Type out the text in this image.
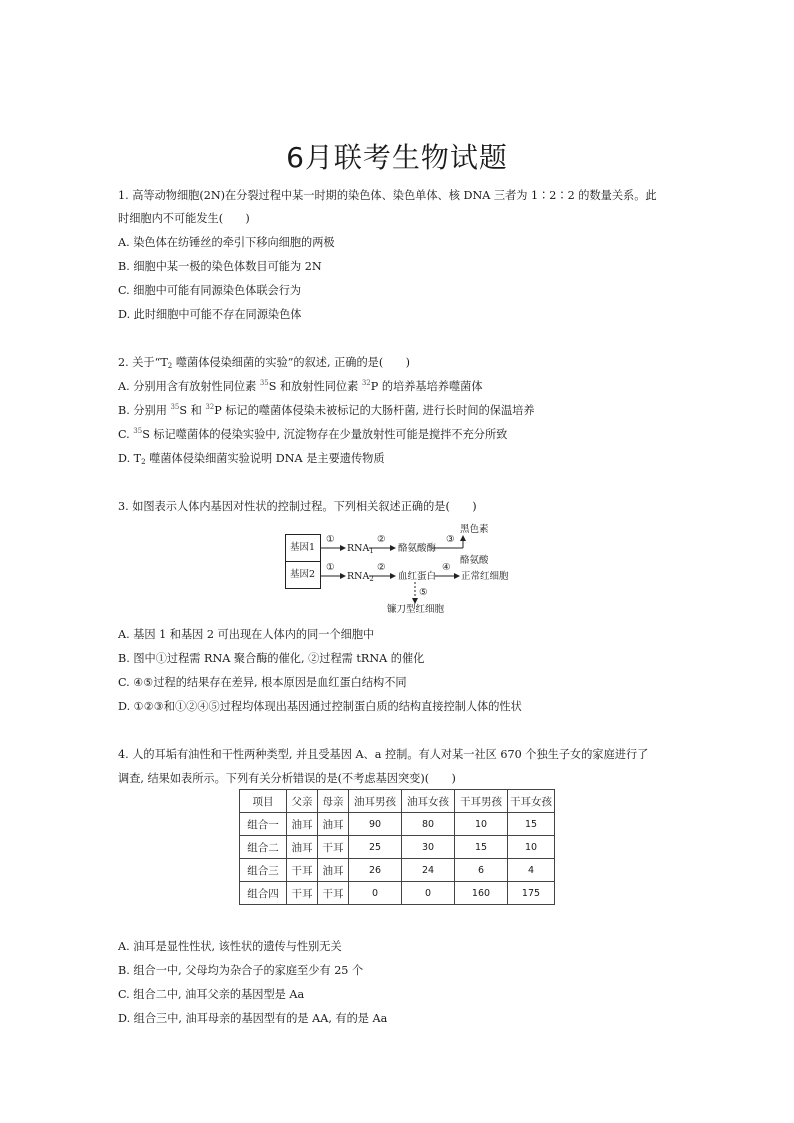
6月联考生物试题
1. 高等动物细胞(2N)在分裂过程中某一时期的染色体、染色单体、核 DNA 三者为 1∶2∶2 的数量关系。此
时细胞内不可能发生(　　)
A. 染色体在纺锤丝的牵引下移向细胞的两极
B. 细胞中某一极的染色体数目可能为 2N
C. 细胞中可能有同源染色体联会行为
D. 此时细胞中可能不存在同源染色体
2. 关于“$T_2$ 噬菌体侵染细菌的实验”的叙述, 正确的是(　　)
A. 分别用含有放射性同位素 $^{35}$S 和放射性同位素 $^{32}$P 的培养基培养噬菌体
B. 分别用 $^{35}$S 和 $^{32}$P 标记的噬菌体侵染未被标记的大肠杆菌, 进行长时间的保温培养
C. $^{35}$S 标记噬菌体的侵染实验中, 沉淀物存在少量放射性可能是搅拌不充分所致
D. $T_2$ 噬菌体侵染细菌实验说明 DNA 是主要遗传物质
3. 如图表示人体内基因对性状的控制过程。下列相关叙述正确的是(　　)
基因1
基因2
①
$RNA_1$
②
酪氨酸酶
③
黑色素
酪氨酸
①
$RNA_2$
②
血红蛋白
④
正常红细胞
⑤
镰刀型红细胞
A. 基因 1 和基因 2 可出现在人体内的同一个细胞中
B. 图中①过程需 RNA 聚合酶的催化, ②过程需 tRNA 的催化
C. ④⑤过程的结果存在差异, 根本原因是血红蛋白结构不同
D. ①②③和①②④⑤过程均体现出基因通过控制蛋白质的结构直接控制人体的性状
4. 人的耳垢有油性和干性两种类型, 并且受基因 A、a 控制。有人对某一社区 670 个独生子女的家庭进行了
调查, 结果如表所示。下列有关分析错误的是(不考虑基因突变)(　　)
项目	父亲	母亲	油耳男孩	油耳女孩	干耳男孩	干耳女孩
组合一	油耳	油耳	90	80	10	15
组合二	油耳	干耳	25	30	15	10
组合三	干耳	油耳	26	24	6	4
组合四	干耳	干耳	0	0	160	175
A. 油耳是显性性状, 该性状的遗传与性别无关
B. 组合一中, 父母均为杂合子的家庭至少有 25 个
C. 组合二中, 油耳父亲的基因型是 Aa
D. 组合三中, 油耳母亲的基因型有的是 AA, 有的是 Aa
